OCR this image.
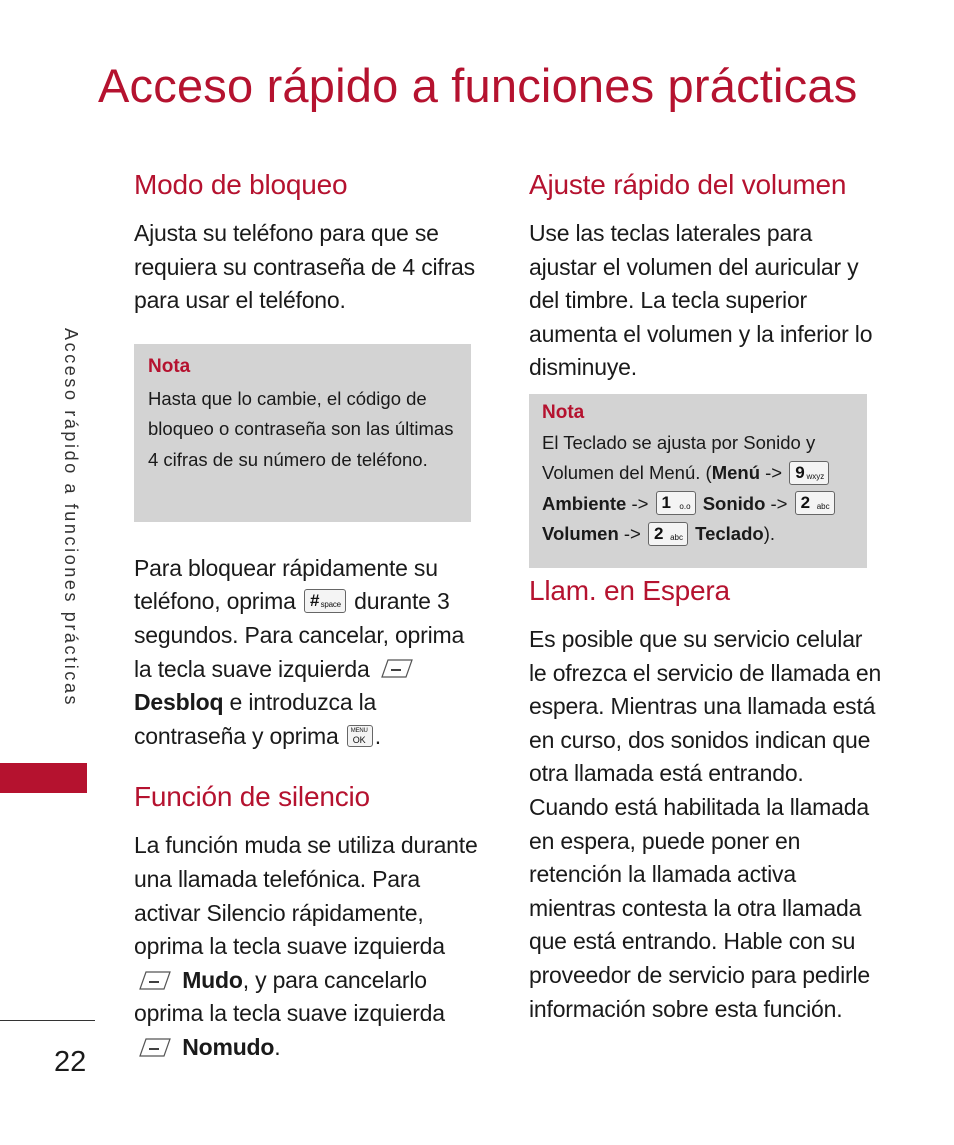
Acceso rápido a funciones prácticas
Acceso rápido a funciones prácticas
22
Modo de bloqueo

Ajusta su teléfono para que se requiera su contraseña de 4 cifras para usar el teléfono.

Nota
Hasta que lo cambie, el código de bloqueo o contraseña son las últimas 4 cifras de su número de teléfono.

Para bloquear rápidamente su teléfono, oprima # space durante 3 segundos. Para cancelar, oprima la tecla suave izquierda
Desbloq e introduzca la contraseña y oprima MENU
OK .

Función de silencio

La función muda se utiliza durante una llamada telefónica. Para activar Silencio rápidamente, oprima la tecla suave izquierda
Mudo, y para cancelarlo oprima la tecla suave izquierda
Nomudo.

Ajuste rápido del volumen

Use las teclas laterales para ajustar el volumen del auricular y del timbre. La tecla superior aumenta el volumen y la inferior lo disminuye.

Nota
El Teclado se ajusta por Sonido y Volumen del Menú. (Menú -> 9 wxyz
Ambiente -> 1 o.o Sonido -> 2 abc
Volumen -> 2 abc Teclado).
Llam. en Espera

Es posible que su servicio celular le ofrezca el servicio de llamada en espera. Mientras una llamada está en curso, dos sonidos indican que otra llamada está entrando. Cuando está habilitada la llamada en espera, puede poner en retención la llamada activa mientras contesta la otra llamada que está entrando. Hable con su proveedor de servicio para pedirle información sobre esta función.
